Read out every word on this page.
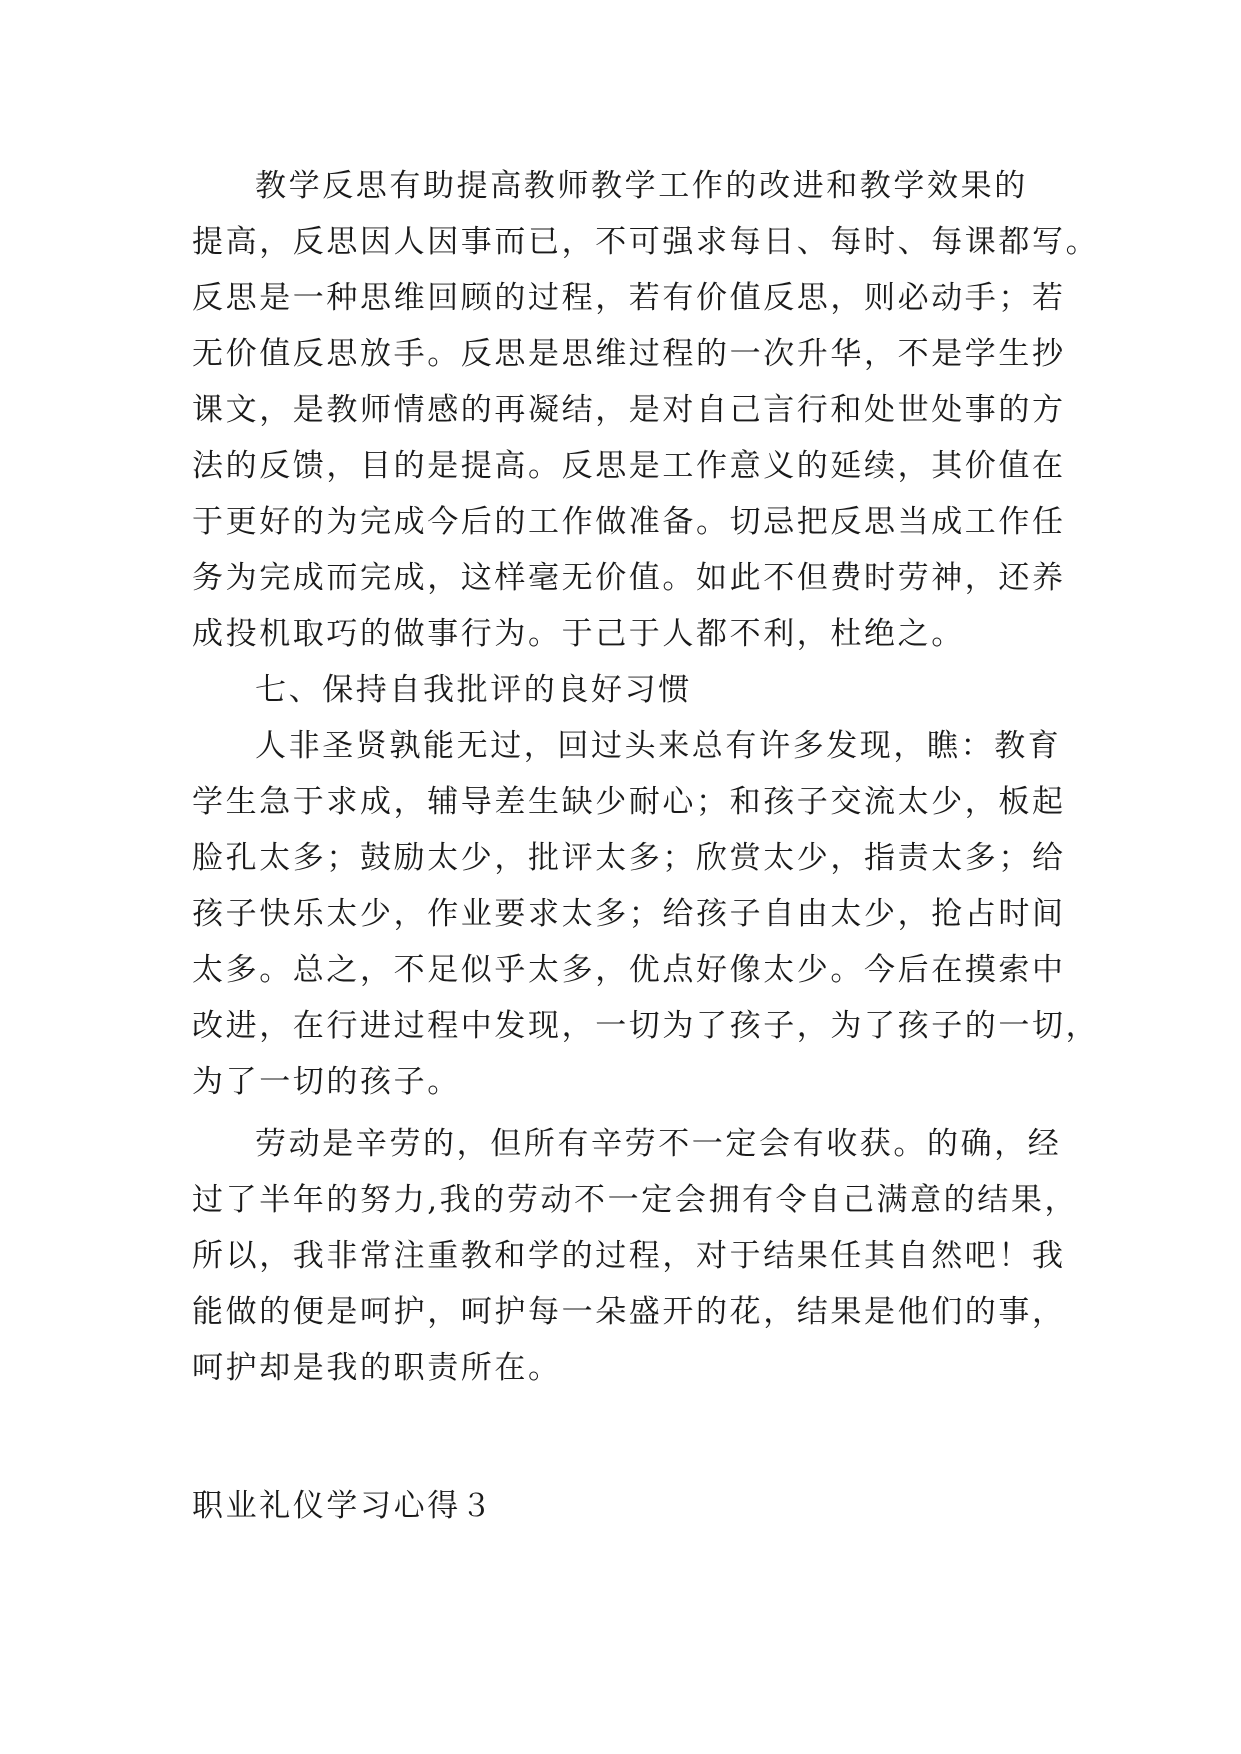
教学反思有助提高教师教学工作的改进和教学效果的
提高，反思因人因事而已，不可强求每日、每时、每课都写。
反思是一种思维回顾的过程，若有价值反思，则必动手；若
无价值反思放手。反思是思维过程的一次升华，不是学生抄
课文，是教师情感的再凝结，是对自己言行和处世处事的方
法的反馈，目的是提高。反思是工作意义的延续，其价值在
于更好的为完成今后的工作做准备。切忌把反思当成工作任
务为完成而完成，这样毫无价值。如此不但费时劳神，还养
成投机取巧的做事行为。于己于人都不利，杜绝之。
七、保持自我批评的良好习惯
人非圣贤孰能无过，回过头来总有许多发现，瞧：教育
学生急于求成，辅导差生缺少耐心；和孩子交流太少，板起
脸孔太多；鼓励太少，批评太多；欣赏太少，指责太多；给
孩子快乐太少，作业要求太多；给孩子自由太少，抢占时间
太多。总之，不足似乎太多，优点好像太少。今后在摸索中
改进，在行进过程中发现，一切为了孩子，为了孩子的一切，
为了一切的孩子。
劳动是辛劳的，但所有辛劳不一定会有收获。的确，经
过了半年的努力,我的劳动不一定会拥有令自己满意的结果，
所以，我非常注重教和学的过程，对于结果任其自然吧！我
能做的便是呵护，呵护每一朵盛开的花，结果是他们的事，
呵护却是我的职责所在。
职业礼仪学习心得３
